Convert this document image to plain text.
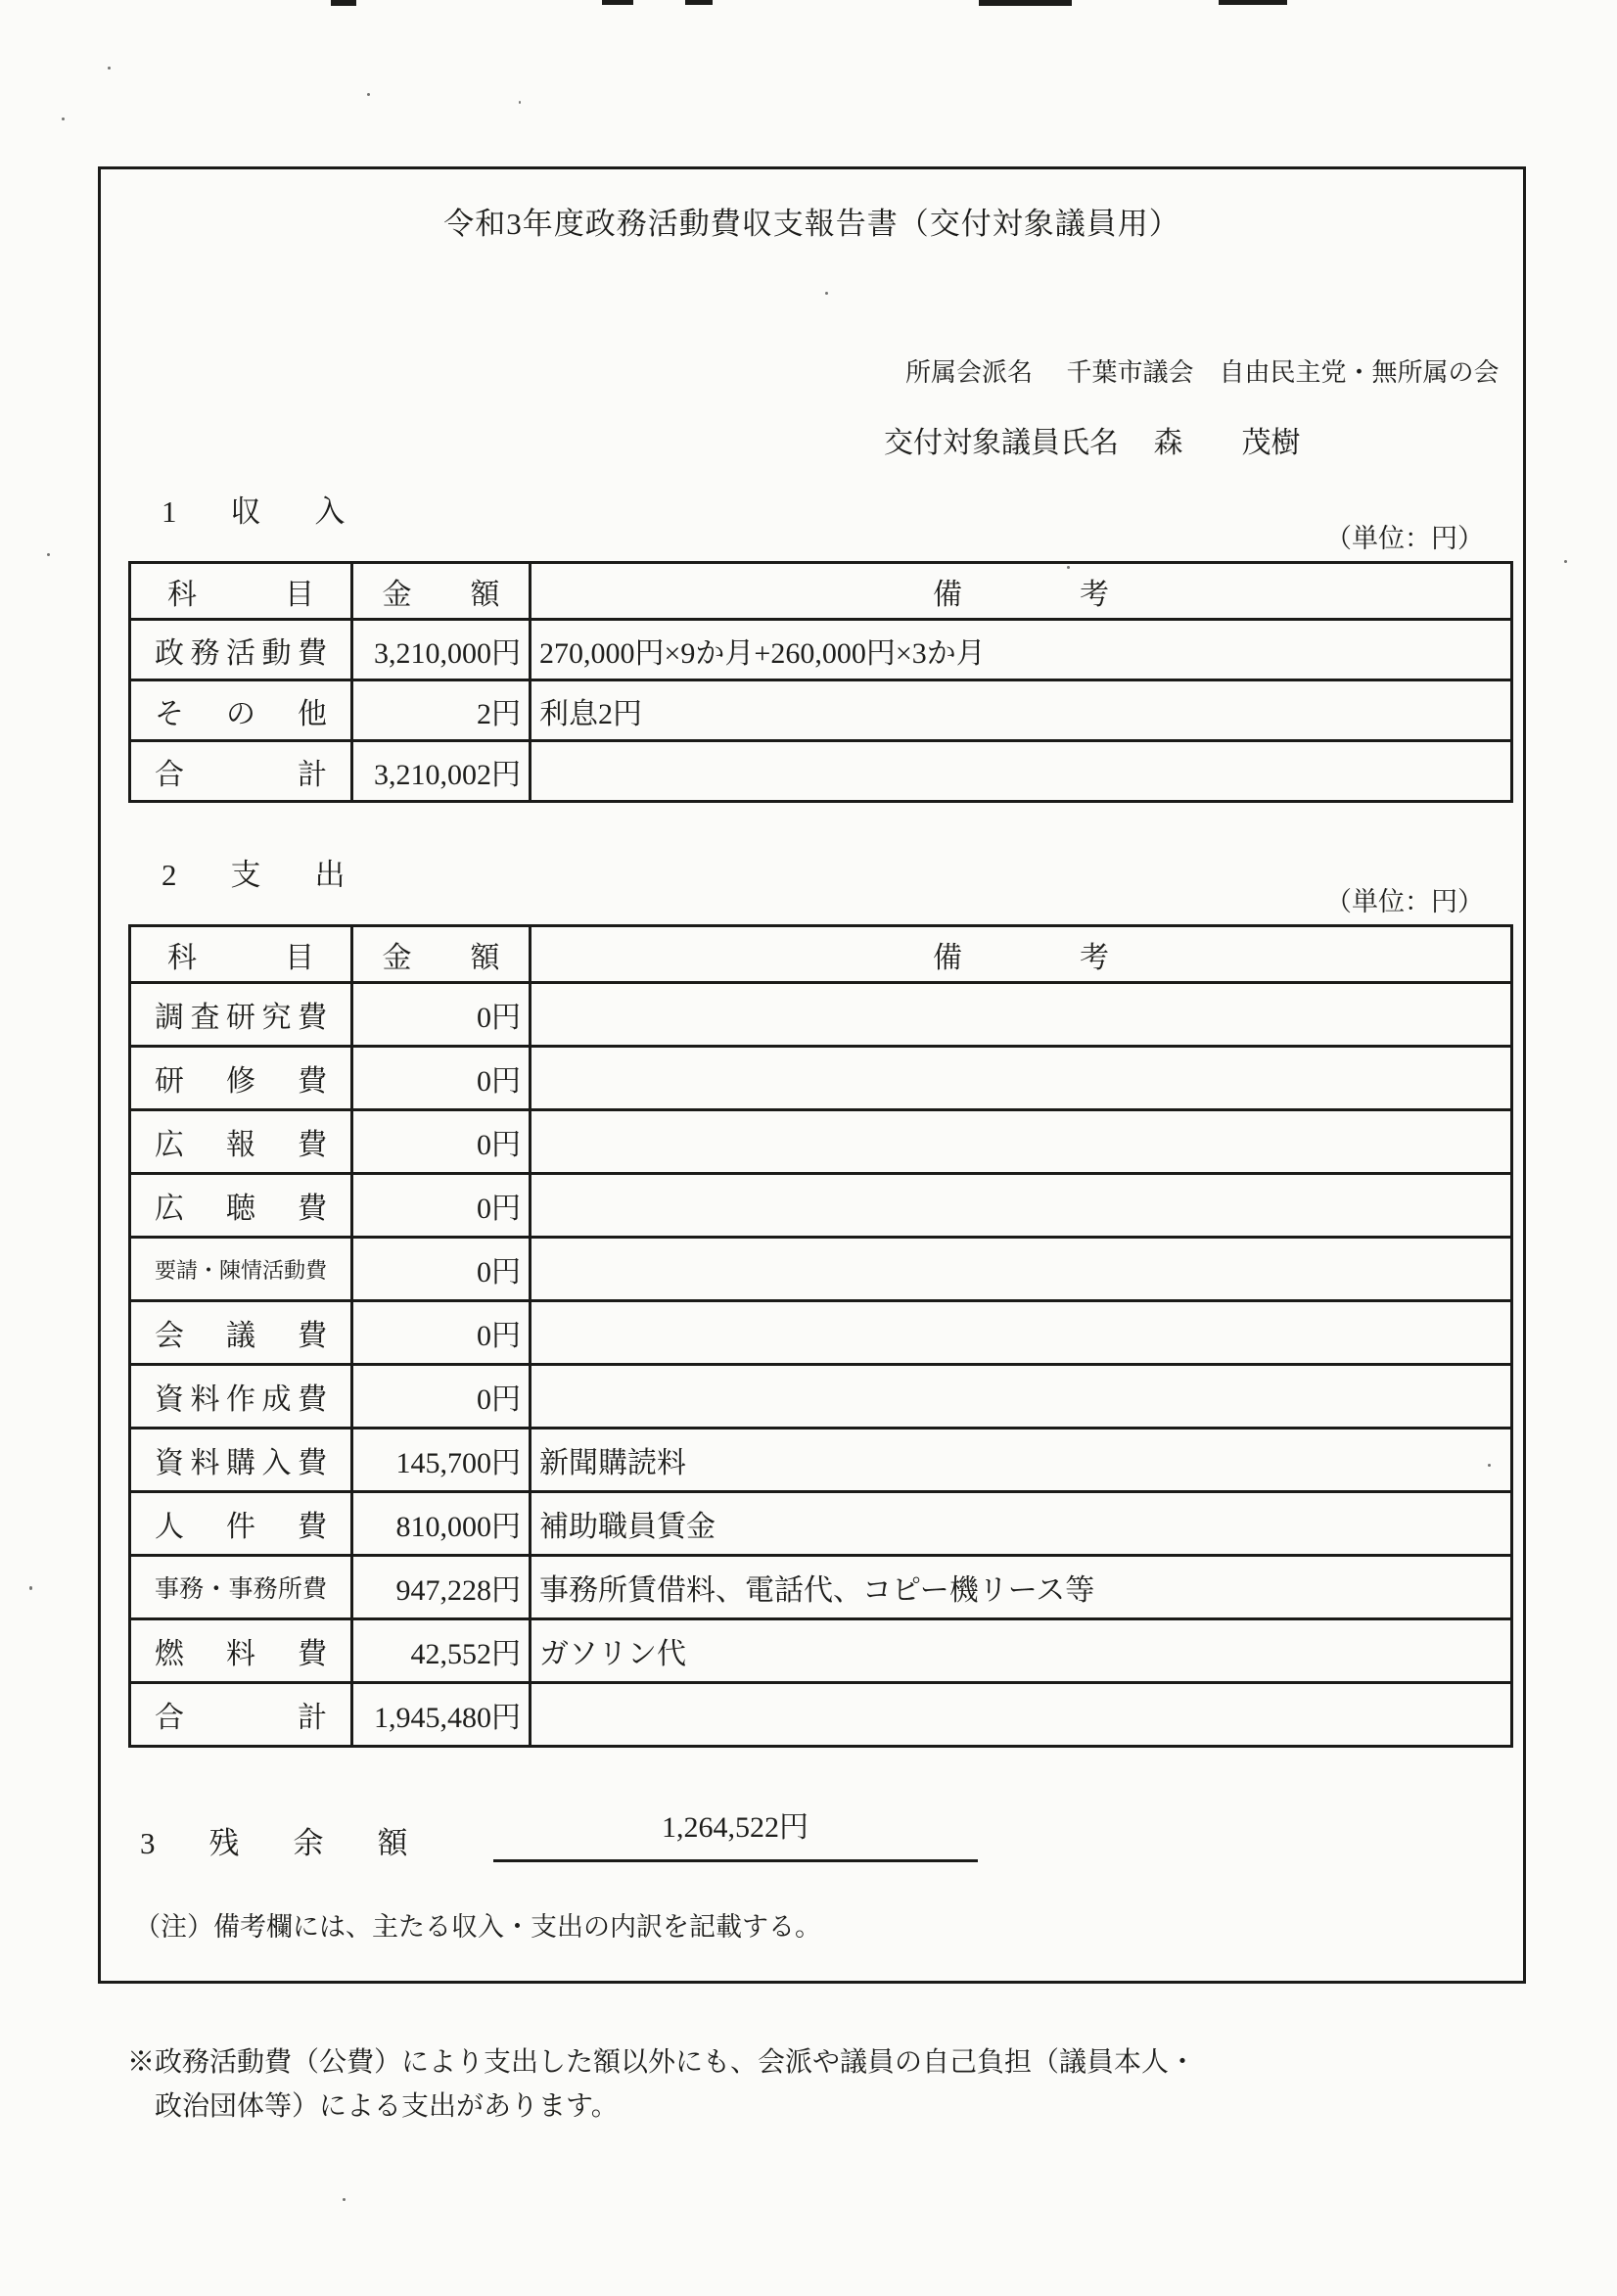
令和3年度政務活動費収支報告書（交付対象議員用）
所属会派名 千葉市議会　自由民主党・無所属の会
交付対象議員氏名 森　　茂樹
1　収　入
（単位：円）
科　　　目	金　　額	備　　　　考
政務活動費	3,210,000円	270,000円×9か月+260,000円×3か月
その他	2円	利息2円
合計	3,210,002円	
2　支　出
（単位：円）
科　　　目	金　　額	備　　　　考
調査研究費	0円	
研修費	0円	
広報費	0円	
広聴費	0円	
要請・陳情活動費	0円	
会議費	0円	
資料作成費	0円	
資料購入費	145,700円	新聞購読料
人件費	810,000円	補助職員賃金
事務・事務所費	947,228円	事務所賃借料、電話代、コピー機リース等
燃料費	42,552円	ガソリン代
合計	1,945,480円	
3　残　余　額	1,264,522円
（注）備考欄には、主たる収入・支出の内訳を記載する。
※政務活動費（公費）により支出した額以外にも、会派や議員の自己負担（議員本人・
政治団体等）による支出があります。
